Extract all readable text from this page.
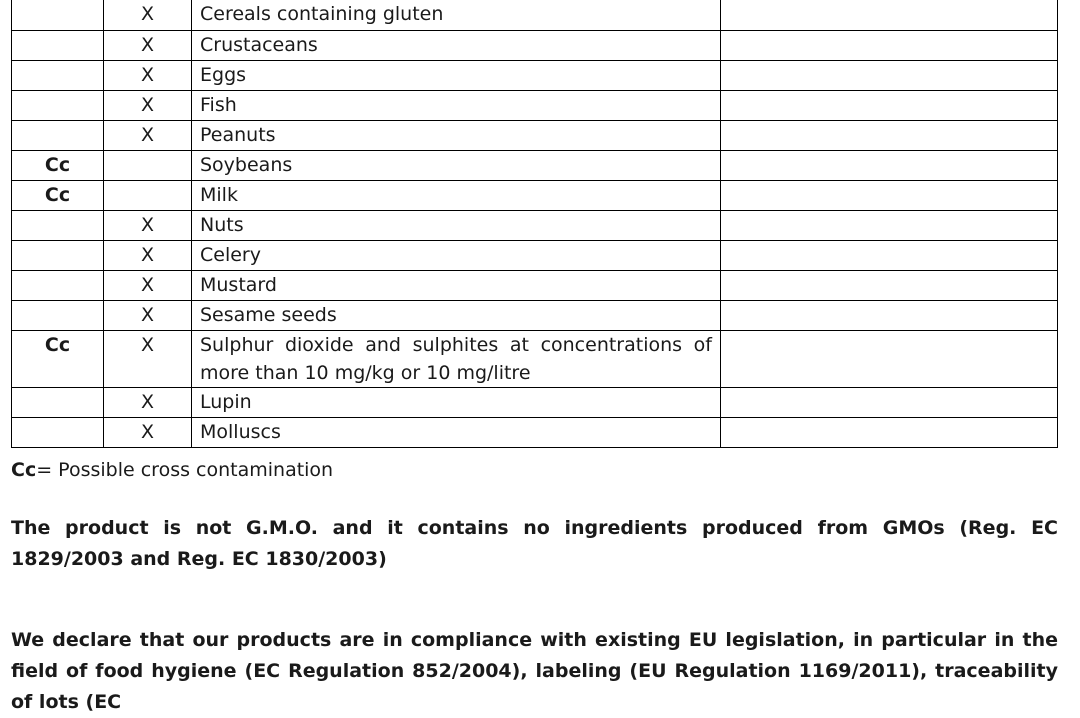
	X	Cereals containing gluten	
	X	Crustaceans	
	X	Eggs	
	X	Fish	
	X	Peanuts	
Cc		Soybeans	
Cc		Milk	
	X	Nuts	
	X	Celery	
	X	Mustard	
	X	Sesame seeds	
Cc	X	Sulphur dioxide and sulphites at concentrations of more than 10 mg/kg or 10 mg/litre	
	X	Lupin	
	X	Molluscs	
Cc= Possible cross contamination
The product is not G.M.O. and it contains no ingredients produced from GMOs (Reg. EC 1829/2003 and Reg. EC 1830/2003)
We declare that our products are in compliance with existing EU legislation, in particular in the field of food hygiene (EC Regulation 852/2004), labeling (EU Regulation 1169/2011), traceability of lots (EC
